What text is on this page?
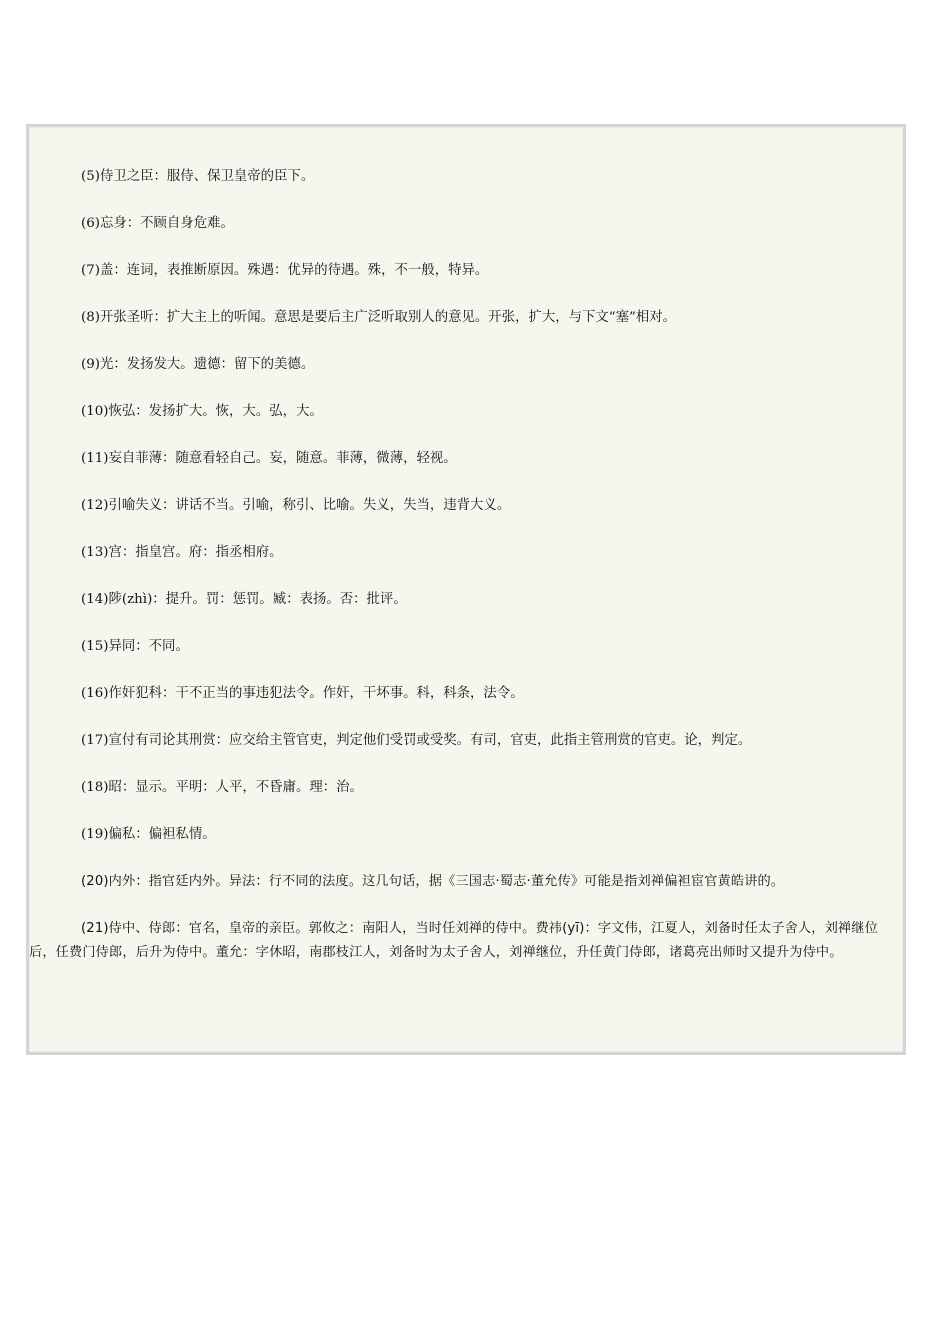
(5)侍卫之臣：服侍、保卫皇帝的臣下。

(6)忘身：不顾自身危难。

(7)盖：连词，表推断原因。殊遇：优异的待遇。殊，不一般，特异。

(8)开张圣听：扩大主上的听闻。意思是要后主广泛听取别人的意见。开张，扩大，与下文“塞”相对。

(9)光：发扬发大。遗德：留下的美德。

(10)恢弘：发扬扩大。恢，大。弘，大。

(11)妄自菲薄：随意看轻自己。妄，随意。菲薄，微薄，轻视。

(12)引喻失义：讲话不当。引喻，称引、比喻。失义，失当，违背大义。

(13)宫：指皇宫。府：指丞相府。

(14)陟(zhì)：提升。罚：惩罚。臧：表扬。否：批评。

(15)异同：不同。

(16)作奸犯科：干不正当的事违犯法令。作奸，干坏事。科，科条，法令。

(17)宣付有司论其刑赏：应交给主管官吏，判定他们受罚或受奖。有司，官吏，此指主管刑赏的官吏。论，判定。

(18)昭：显示。平明：人平，不昏庸。理：治。

(19)偏私：偏袒私情。

(20)内外：指官廷内外。异法：行不同的法度。这几句话，据《三国志·蜀志·董允传》可能是指刘禅偏袒宦官黄皓讲的。

(21)侍中、侍郎：官名，皇帝的亲臣。郭攸之：南阳人，当时任刘禅的侍中。费祎(yī)：字文伟，江夏人，刘备时任太子舍人，刘禅继位后，任费门侍郎，后升为侍中。董允：字休昭，南郡枝江人，刘备时为太子舍人，刘禅继位，升任黄门侍郎，诸葛亮出师时又提升为侍中。
